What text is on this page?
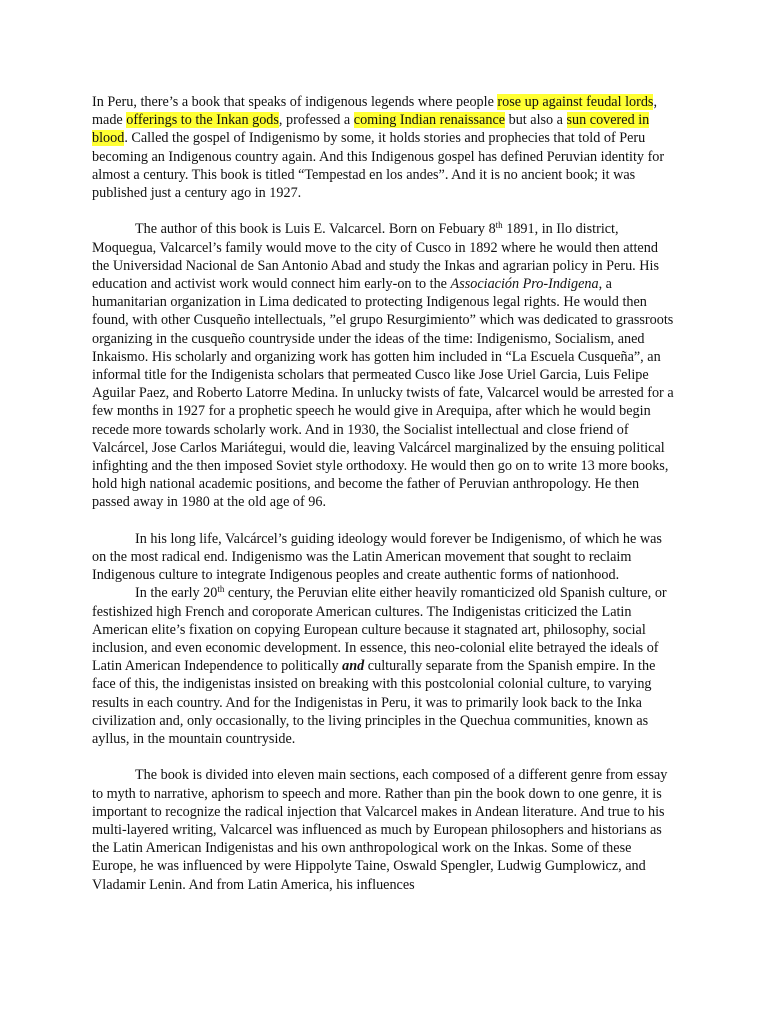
In Peru, there’s a book that speaks of indigenous legends where people rose up against feudal lords, made offerings to the Inkan gods, professed a coming Indian renaissance but also a sun covered in blood. Called the gospel of Indigenismo by some, it holds stories and prophecies that told of Peru becoming an Indigenous country again. And this Indigenous gospel has defined Peruvian identity for almost a century. This book is titled “Tempestad en los andes”. And it is no ancient book; it was published just a century ago in 1927.

The author of this book is Luis E. Valcarcel. Born on Febuary 8th 1891, in Ilo district, Moquegua, Valcarcel’s family would move to the city of Cusco in 1892 where he would then attend the Universidad Nacional de San Antonio Abad and study the Inkas and agrarian policy in Peru. His education and activist work would connect him early-on to the Associación Pro-Indigena, a humanitarian organization in Lima dedicated to protecting Indigenous legal rights. He would then found, with other Cusqueño intellectuals, ”el grupo Resurgimiento” which was dedicated to grassroots organizing in the cusqueño countryside under the ideas of the time: Indigenismo, Socialism, aned Inkaismo. His scholarly and organizing work has gotten him included in “La Escuela Cusqueña”, an informal title for the Indigenista scholars that permeated Cusco like Jose Uriel Garcia, Luis Felipe Aguilar Paez, and Roberto Latorre Medina. In unlucky twists of fate, Valcarcel would be arrested for a few months in 1927 for a prophetic speech he would give in Arequipa, after which he would begin recede more towards scholarly work. And in 1930, the Socialist intellectual and close friend of Valcárcel, Jose Carlos Mariátegui, would die, leaving Valcárcel marginalized by the ensuing political infighting and the then imposed Soviet style orthodoxy. He would then go on to write 13 more books, hold high national academic positions, and become the father of Peruvian anthropology. He then passed away in 1980 at the old age of 96.

In his long life, Valcárcel’s guiding ideology would forever be Indigenismo, of which he was on the most radical end. Indigenismo was the Latin American movement that sought to reclaim Indigenous culture to integrate Indigenous peoples and create authentic forms of nationhood.

In the early 20th century, the Peruvian elite either heavily romanticized old Spanish culture, or festishized high French and coroporate American cultures. The Indigenistas criticized the Latin American elite’s fixation on copying European culture because it stagnated art, philosophy, social inclusion, and even economic development. In essence, this neo-colonial elite betrayed the ideals of Latin American Independence to politically and culturally separate from the Spanish empire. In the face of this, the indigenistas insisted on breaking with this postcolonial colonial culture, to varying results in each country. And for the Indigenistas in Peru, it was to primarily look back to the Inka civilization and, only occasionally, to the living principles in the Quechua communities, known as ayllus, in the mountain countryside.

The book is divided into eleven main sections, each composed of a different genre from essay to myth to narrative, aphorism to speech and more. Rather than pin the book down to one genre, it is important to recognize the radical injection that Valcarcel makes in Andean literature. And true to his multi-layered writing, Valcarcel was influenced as much by European philosophers and historians as the Latin American Indigenistas and his own anthropological work on the Inkas. Some of these Europe, he was influenced by were Hippolyte Taine, Oswald Spengler, Ludwig Gumplowicz, and Vladamir Lenin. And from Latin America, his influences
